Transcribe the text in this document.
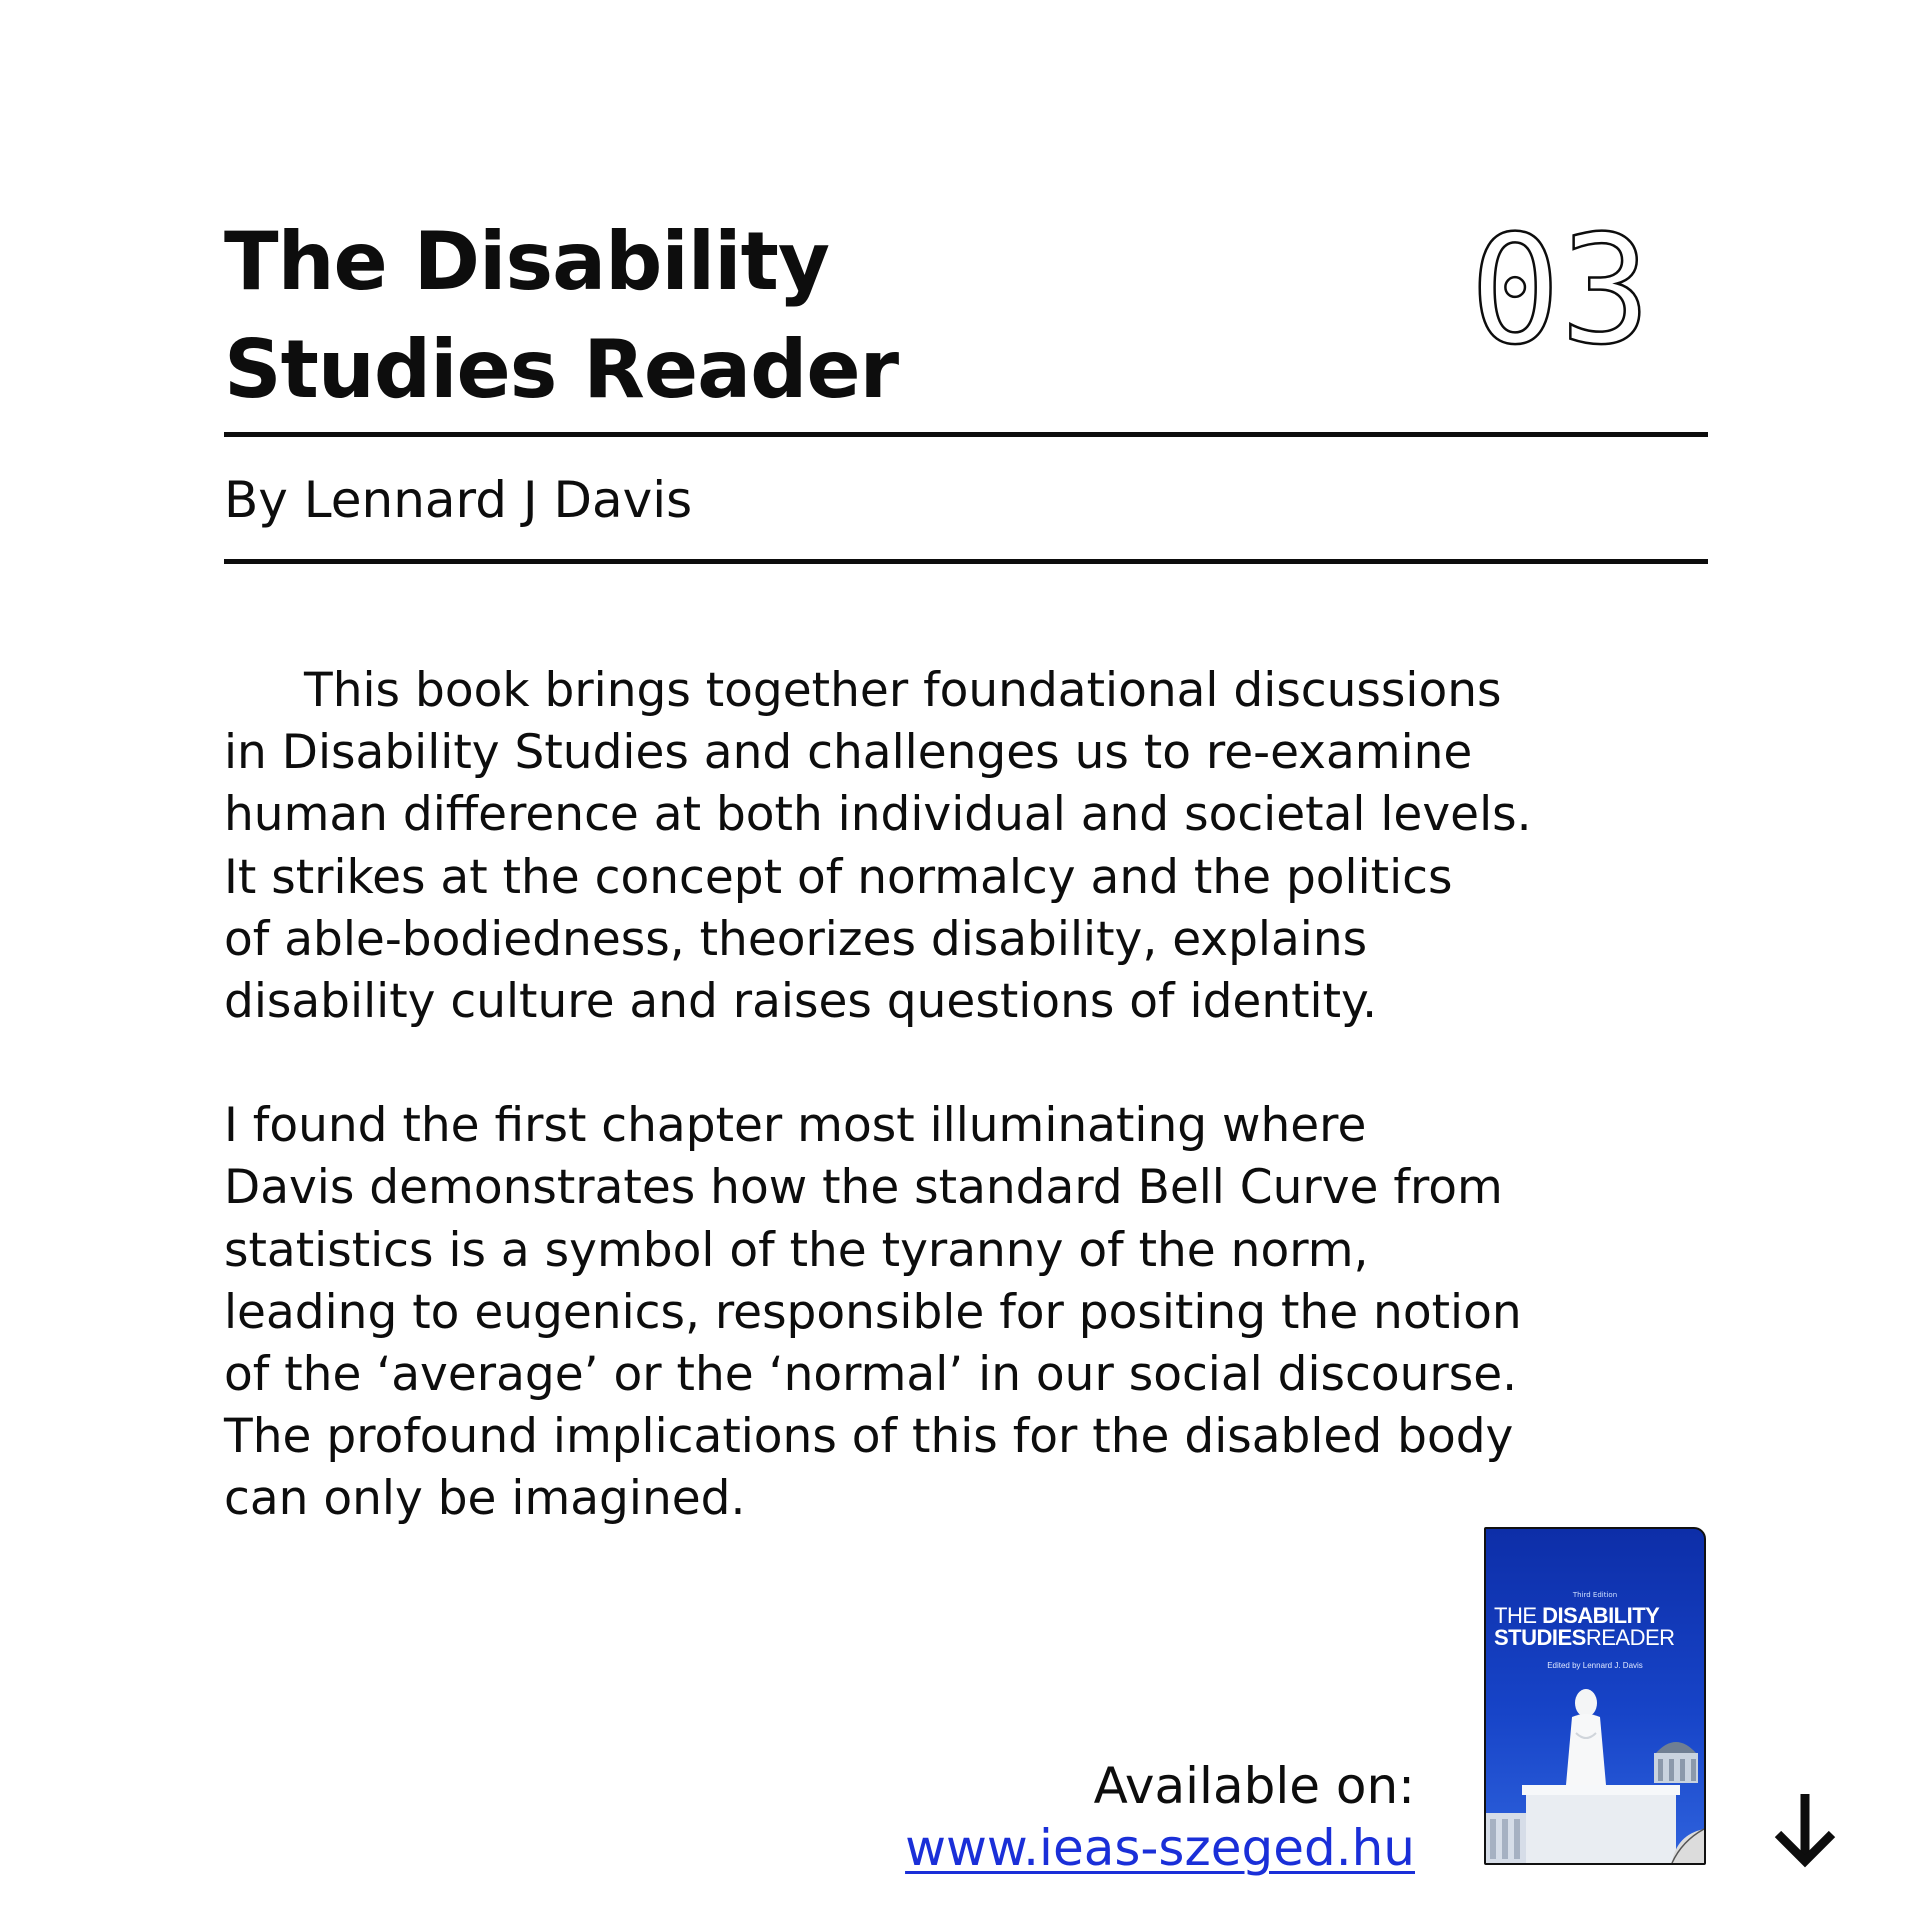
The Disability
Studies Reader	03
By Lennard J Davis

This book brings together foundational discussions
in Disability Studies and challenges us to re-examine
human difference at both individual and societal levels.
It strikes at the concept of normalcy and the politics
of able-bodiedness, theorizes disability, explains
disability culture and raises questions of identity.

I found the first chapter most illuminating where
Davis demonstrates how the standard Bell Curve from
statistics is a symbol of the tyranny of the norm,
leading to eugenics, responsible for positing the notion
of the ‘average’ or the ‘normal’ in our social discourse.
The profound implications of this for the disabled body
can only be imagined.

Available on:
www.ieas-szeged.hu
Third Edition
THE DISABILITY
STUDIESREADER
Edited by Lennard J. Davis
